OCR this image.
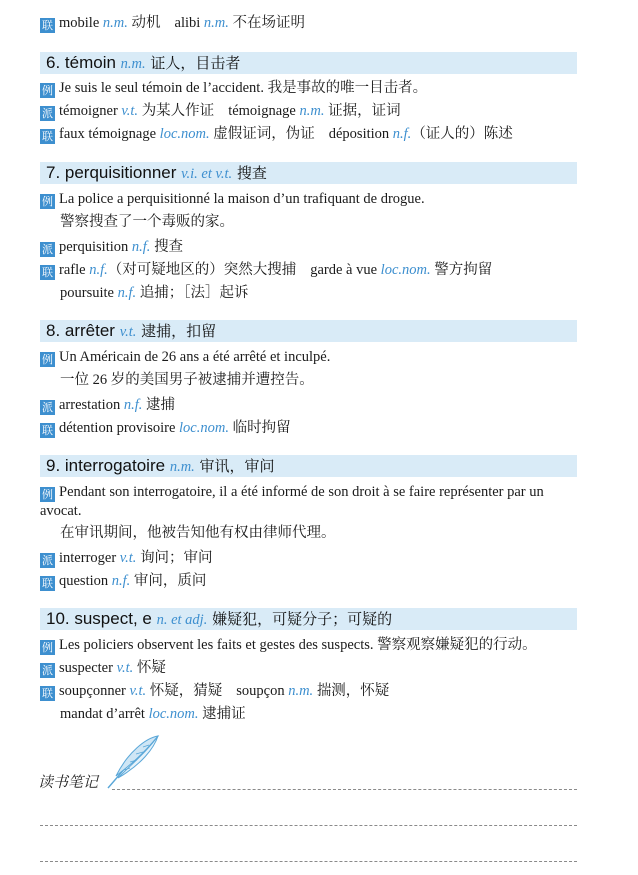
联 mobile n.m. 动机 alibi n.m. 不在场证明
6. témoin n.m. 证人，目击者
例 Je suis le seul témoin de l’accident. 我是事故的唯一目击者。
派 témoigner v.t. 为某人作证 témoignage n.m. 证据，证词
联 faux témoignage loc.nom. 虚假证词，伪证 déposition n.f.（证人的）陈述
7. perquisitionner v.i. et v.t. 搜查
例 La police a perquisitionné la maison d’un trafiquant de drogue.
警察搜查了一个毒贩的家。
派 perquisition n.f. 搜查
联 rafle n.f.（对可疑地区的）突然大搜捕 garde à vue loc.nom. 警方拘留
poursuite n.f. 追捕；［法］起诉
8. arrêter v.t. 逮捕，扣留
例 Un Américain de 26 ans a été arrêté et inculpé.
一位 26 岁的美国男子被逮捕并遭控告。
派 arrestation n.f. 逮捕
联 détention provisoire loc.nom. 临时拘留
9. interrogatoire n.m. 审讯，审问
例 Pendant son interrogatoire, il a été informé de son droit à se faire représenter par un avocat.
在审讯期间，他被告知他有权由律师代理。
派 interroger v.t. 询问；审问
联 question n.f. 审问，质问
10. suspect, e n. et adj. 嫌疑犯，可疑分子；可疑的
例 Les policiers observent les faits et gestes des suspects. 警察观察嫌疑犯的行动。
派 suspecter v.t. 怀疑
联 soupçonner v.t. 怀疑，猜疑 soupçon n.m. 揣测，怀疑
mandat d’arrêt loc.nom. 逮捕证
读书笔记
